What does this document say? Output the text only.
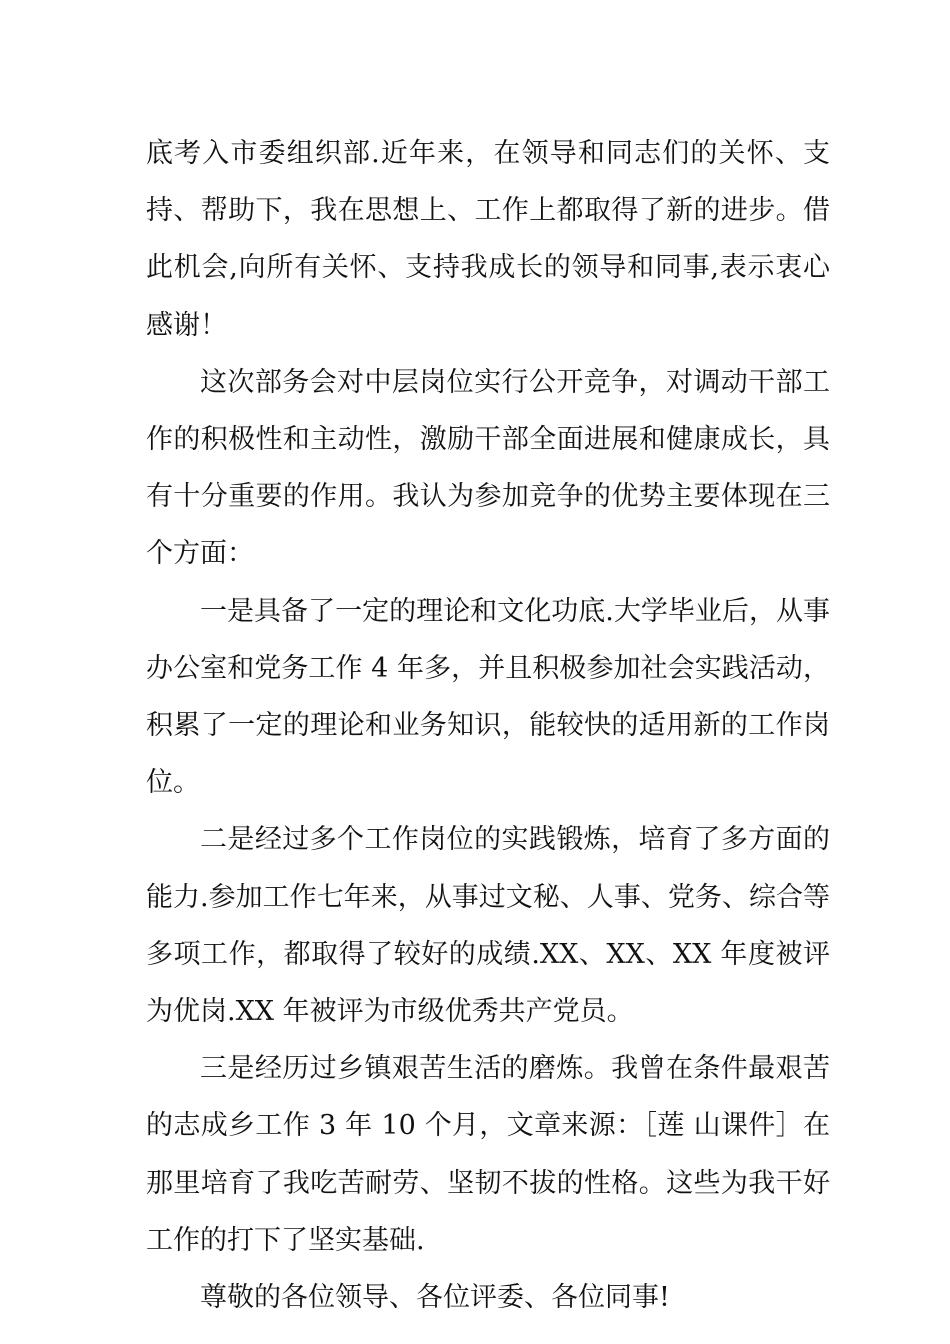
底考入市委组织部.近年来，在领导和同志们的关怀、支持、帮助下，我在思想上、工作上都取得了新的进步。借此机会,向所有关怀、支持我成长的领导和同事,表示衷心感谢！

这次部务会对中层岗位实行公开竞争，对调动干部工作的积极性和主动性，激励干部全面进展和健康成长，具有十分重要的作用。我认为参加竞争的优势主要体现在三个方面：

一是具备了一定的理论和文化功底.大学毕业后，从事办公室和党务工作 4 年多，并且积极参加社会实践活动，积累了一定的理论和业务知识，能较快的适用新的工作岗位。

二是经过多个工作岗位的实践锻炼，培育了多方面的能力.参加工作七年来，从事过文秘、人事、党务、综合等多项工作，都取得了较好的成绩.XX、XX、XX 年度被评为优岗.XX 年被评为市级优秀共产党员。

三是经历过乡镇艰苦生活的磨炼。我曾在条件最艰苦的志成乡工作 3 年 10 个月，文章来源：［莲 山课件］在那里培育了我吃苦耐劳、坚韧不拔的性格。这些为我干好工作的打下了坚实基础.

尊敬的各位领导、各位评委、各位同事!
